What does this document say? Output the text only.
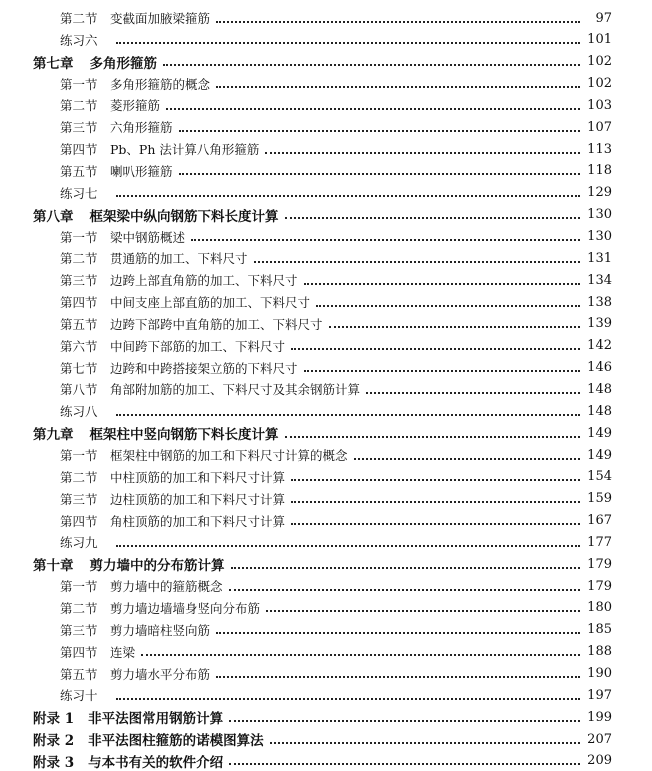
第二节 变截面加腋梁箍筋	97
练习六	101
第七章 多角形箍筋	102
第一节 多角形箍筋的概念	102
第二节 菱形箍筋	103
第三节 六角形箍筋	107
第四节 Pb、Ph 法计算八角形箍筋	113
第五节 喇叭形箍筋	118
练习七	129
第八章 框架梁中纵向钢筋下料长度计算	130
第一节 梁中钢筋概述	130
第二节 贯通筋的加工、下料尺寸	131
第三节 边跨上部直角筋的加工、下料尺寸	134
第四节 中间支座上部直筋的加工、下料尺寸	138
第五节 边跨下部跨中直角筋的加工、下料尺寸	139
第六节 中间跨下部筋的加工、下料尺寸	142
第七节 边跨和中跨搭接架立筋的下料尺寸	146
第八节 角部附加筋的加工、下料尺寸及其余钢筋计算	148
练习八	148
第九章 框架柱中竖向钢筋下料长度计算	149
第一节 框架柱中钢筋的加工和下料尺寸计算的概念	149
第二节 中柱顶筋的加工和下料尺寸计算	154
第三节 边柱顶筋的加工和下料尺寸计算	159
第四节 角柱顶筋的加工和下料尺寸计算	167
练习九	177
第十章 剪力墙中的分布筋计算	179
第一节 剪力墙中的箍筋概念	179
第二节 剪力墙边墙墙身竖向分布筋	180
第三节 剪力墙暗柱竖向筋	185
第四节 连梁	188
第五节 剪力墙水平分布筋	190
练习十	197
附录 1 非平法图常用钢筋计算	199
附录 2 非平法图柱箍筋的诺模图算法	207
附录 3 与本书有关的软件介绍	209
